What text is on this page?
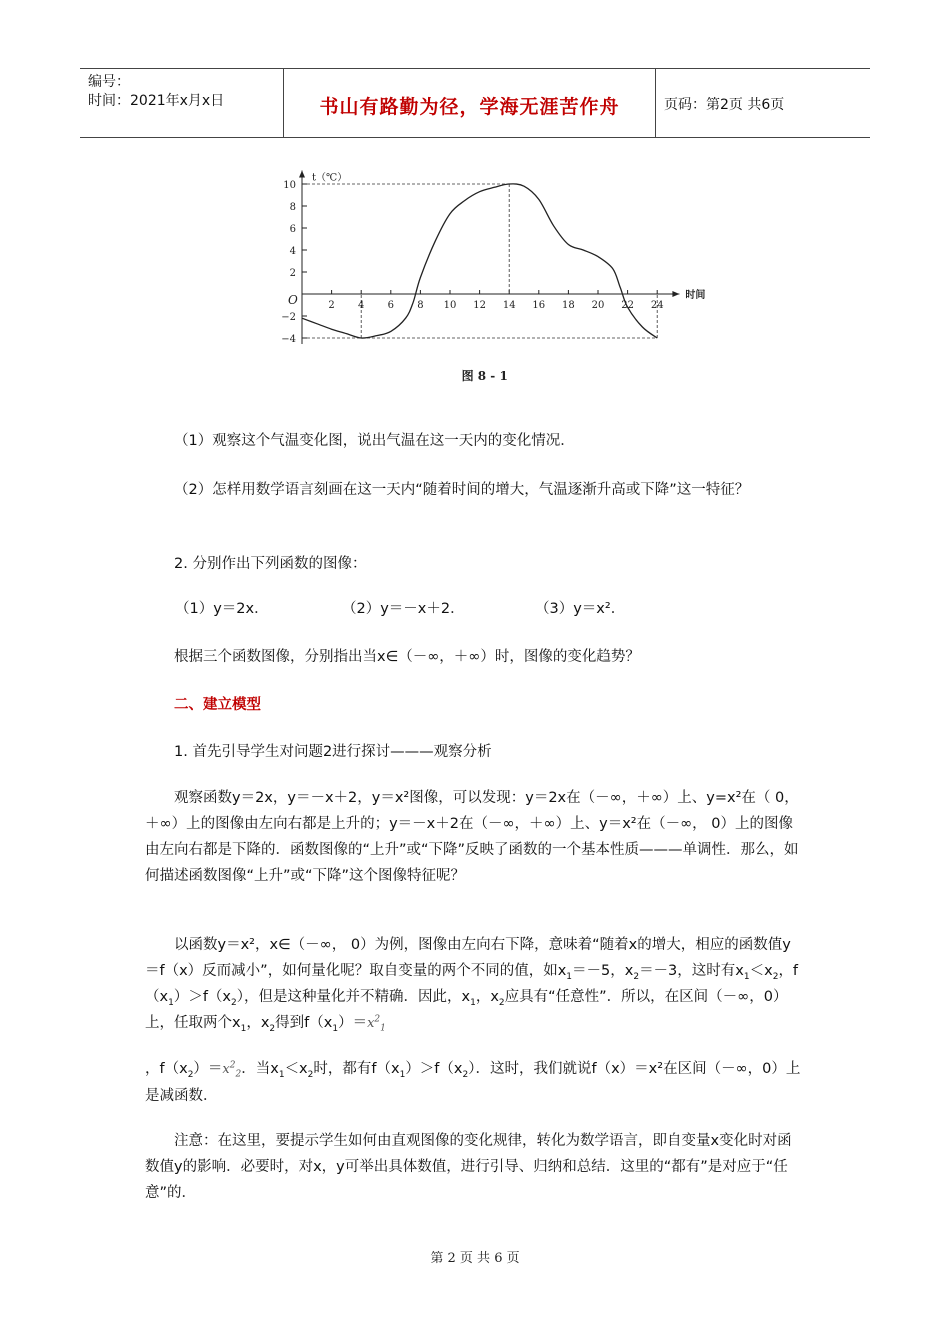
编号：
时间：2021年x月x日	书山有路勤为径，学海无涯苦作舟	页码：第2页 共6页
2 4 6 8 10 12 14 16 18 20 22 24
10
8
6
4
2
−2
−4
O
t（℃）
时间
图 8 - 1
（1）观察这个气温变化图，说出气温在这一天内的变化情况．
（2）怎样用数学语言刻画在这一天内“随着时间的增大，气温逐渐升高或下降”这一特征？
2. 分别作出下列函数的图像：
（1）y＝2x．	（2）y＝－x＋2．	（3）y＝x²．
根据三个函数图像，分别指出当x∈（－∞，＋∞）时，图像的变化趋势？
二、建立模型
1. 首先引导学生对问题2进行探讨———观察分析
观察函数y＝2x，y＝－x＋2，y＝x²图像，可以发现：y＝2x在（－∞，＋∞）上、y=x²在（ 0，＋∞）上的图像由左向右都是上升的；y＝－x＋2在（－∞，＋∞）上、y＝x²在（－∞， 0）上的图像由左向右都是下降的．函数图像的“上升”或“下降”反映了函数的一个基本性质———单调性．那么，如何描述函数图像“上升”或“下降”这个图像特征呢？
以函数y＝x²，x∈（－∞， 0）为例，图像由左向右下降，意味着“随着x的增大，相应的函数值y＝f（x）反而减小”，如何量化呢？取自变量的两个不同的值，如$x_1=-5$，$x_2=-3$，这时有$x_1<x_2$，$f(x_1)>f(x_2)$，但是这种量化并不精确．因此，$x_1$，$x_2$应具有“任意性”．所以，在区间（－∞，0）上，任取两个$x_1$，$x_2$得到$f(x_1)=x^2_1$
，$f(x_2)=x^2_2$．当$x_1<x_2$时，都有$f(x_1)>f(x_2)$．这时，我们就说f（x）＝x²在区间（－∞，0）上是减函数．
注意：在这里，要提示学生如何由直观图像的变化规律，转化为数学语言，即自变量x变化时对函数值y的影响．必要时，对x，y可举出具体数值，进行引导、归纳和总结．这里的“都有”是对应于“任意”的．
第 2 页 共 6 页
